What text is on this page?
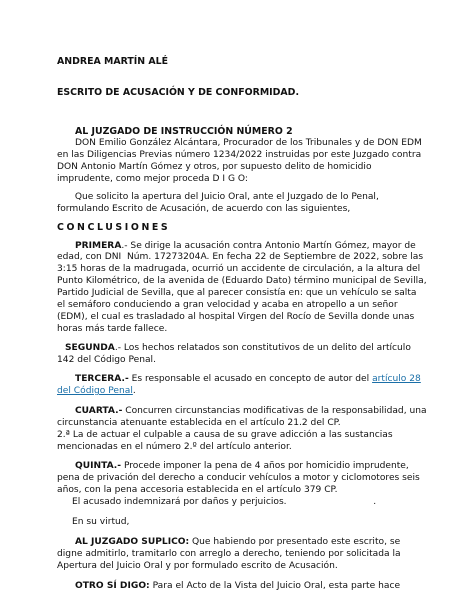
ANDREA MARTÍN ALÉ

ESCRITO DE ACUSACIÓN Y DE CONFORMIDAD.

AL JUZGADO DE INSTRUCCIÓN NÚMERO 2

DON Emilio González Alcántara, Procurador de los Tribunales y de DON EDM

en las Diligencias Previas número 1234/2022 instruidas por este Juzgado contra

DON Antonio Martín Gómez y otros, por supuesto delito de homicidio

imprudente, como mejor proceda D I G O:

Que solicito la apertura del Juicio Oral, ante el Juzgado de lo Penal,

formulando Escrito de Acusación, de acuerdo con las siguientes,

CONCLUSIONES

PRIMERA.- Se dirige la acusación contra Antonio Martín Gómez, mayor de

edad, con DNI  Núm. 17273204A. En fecha 22 de Septiembre de 2022, sobre las

3:15 horas de la madrugada, ocurrió un accidente de circulación, a la altura del

Punto Kilométrico, de la avenida de (Eduardo Dato) término municipal de Sevilla,

Partido Judicial de Sevilla, que al parecer consistía en: que un vehículo se salta

el semáforo conduciendo a gran velocidad y acaba en atropello a un señor

(EDM), el cual es trasladado al hospital Virgen del Rocío de Sevilla donde unas

horas más tarde fallece.

SEGUNDA.- Los hechos relatados son constitutivos de un delito del artículo

142 del Código Penal.

TERCERA.- Es responsable el acusado en concepto de autor del artículo 28

del Código Penal.

CUARTA.- Concurren circunstancias modificativas de la responsabilidad, una

circunstancia atenuante establecida en el artículo 21.2 del CP.

2.ª La de actuar el culpable a causa de su grave adicción a las sustancias

mencionadas en el número 2.º del artículo anterior.

QUINTA.- Procede imponer la pena de 4 años por homicidio imprudente,

pena de privación del derecho a conducir vehículos a motor y ciclomotores seis

años, con la pena accesoria establecida en el artículo 379 CP.

El acusado indemnizará por daños y perjuicios.                              .

En su virtud,

AL JUZGADO SUPLICO: Que habiendo por presentado este escrito, se

digne admitirlo, tramitarlo con arreglo a derecho, teniendo por solicitada la

Apertura del Juicio Oral y por formulado escrito de Acusación.

OTRO SÍ DIGO: Para el Acto de la Vista del Juicio Oral, esta parte hace
